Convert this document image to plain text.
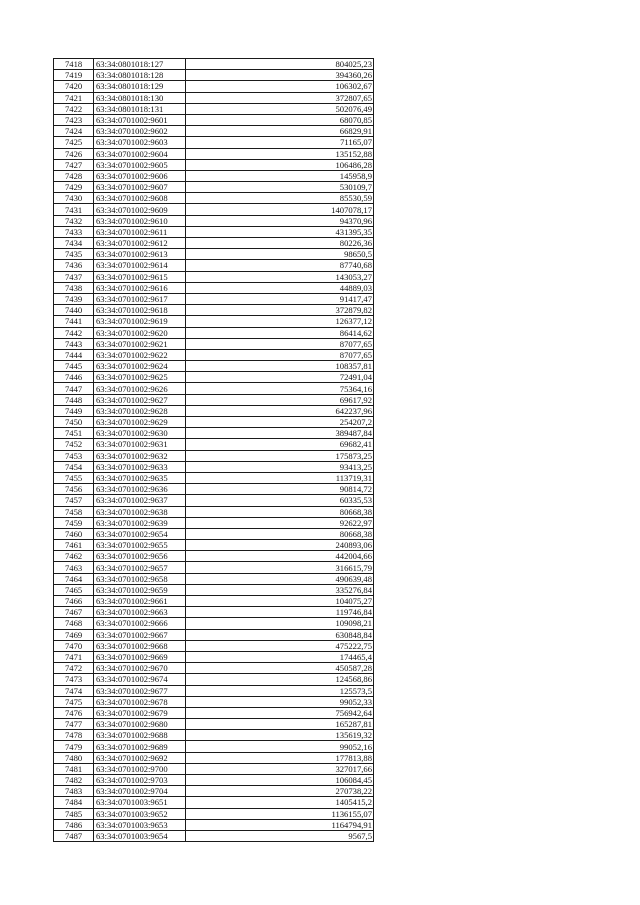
7418	63:34:0801018:127	804025,23
7419	63:34:0801018:128	394360,26
7420	63:34:0801018:129	106302,67
7421	63:34:0801018:130	372807,65
7422	63:34:0801018:131	502076,49
7423	63:34:0701002:9601	68070,85
7424	63:34:0701002:9602	66829,91
7425	63:34:0701002:9603	71165,07
7426	63:34:0701002:9604	135152,88
7427	63:34:0701002:9605	106486,28
7428	63:34:0701002:9606	145958,9
7429	63:34:0701002:9607	530109,7
7430	63:34:0701002:9608	85530,59
7431	63:34:0701002:9609	1407078,17
7432	63:34:0701002:9610	94370,96
7433	63:34:0701002:9611	431395,35
7434	63:34:0701002:9612	80226,36
7435	63:34:0701002:9613	98650,5
7436	63:34:0701002:9614	87740,68
7437	63:34:0701002:9615	143053,27
7438	63:34:0701002:9616	44889,03
7439	63:34:0701002:9617	91417,47
7440	63:34:0701002:9618	372879,82
7441	63:34:0701002:9619	126377,12
7442	63:34:0701002:9620	86414,62
7443	63:34:0701002:9621	87077,65
7444	63:34:0701002:9622	87077,65
7445	63:34:0701002:9624	108357,81
7446	63:34:0701002:9625	72491,04
7447	63:34:0701002:9626	75364,16
7448	63:34:0701002:9627	69617,92
7449	63:34:0701002:9628	642237,96
7450	63:34:0701002:9629	254207,2
7451	63:34:0701002:9630	389487,84
7452	63:34:0701002:9631	69682,41
7453	63:34:0701002:9632	175873,25
7454	63:34:0701002:9633	93413,25
7455	63:34:0701002:9635	113719,31
7456	63:34:0701002:9636	90814,72
7457	63:34:0701002:9637	60335,53
7458	63:34:0701002:9638	80668,38
7459	63:34:0701002:9639	92622,97
7460	63:34:0701002:9654	80668,38
7461	63:34:0701002:9655	240893,06
7462	63:34:0701002:9656	442004,66
7463	63:34:0701002:9657	316615,79
7464	63:34:0701002:9658	490639,48
7465	63:34:0701002:9659	335276,84
7466	63:34:0701002:9661	104075,27
7467	63:34:0701002:9663	119746,84
7468	63:34:0701002:9666	109098,21
7469	63:34:0701002:9667	630848,84
7470	63:34:0701002:9668	475222,75
7471	63:34:0701002:9669	174465,4
7472	63:34:0701002:9670	450587,28
7473	63:34:0701002:9674	124568,86
7474	63:34:0701002:9677	125573,5
7475	63:34:0701002:9678	99052,33
7476	63:34:0701002:9679	756942,64
7477	63:34:0701002:9680	165287,81
7478	63:34:0701002:9688	135619,32
7479	63:34:0701002:9689	99052,16
7480	63:34:0701002:9692	177813,88
7481	63:34:0701002:9700	327017,66
7482	63:34:0701002:9703	106084,45
7483	63:34:0701002:9704	270738,22
7484	63:34:0701003:9651	1405415,2
7485	63:34:0701003:9652	1136155,07
7486	63:34:0701003:9653	1164794,91
7487	63:34:0701003:9654	9567,5
